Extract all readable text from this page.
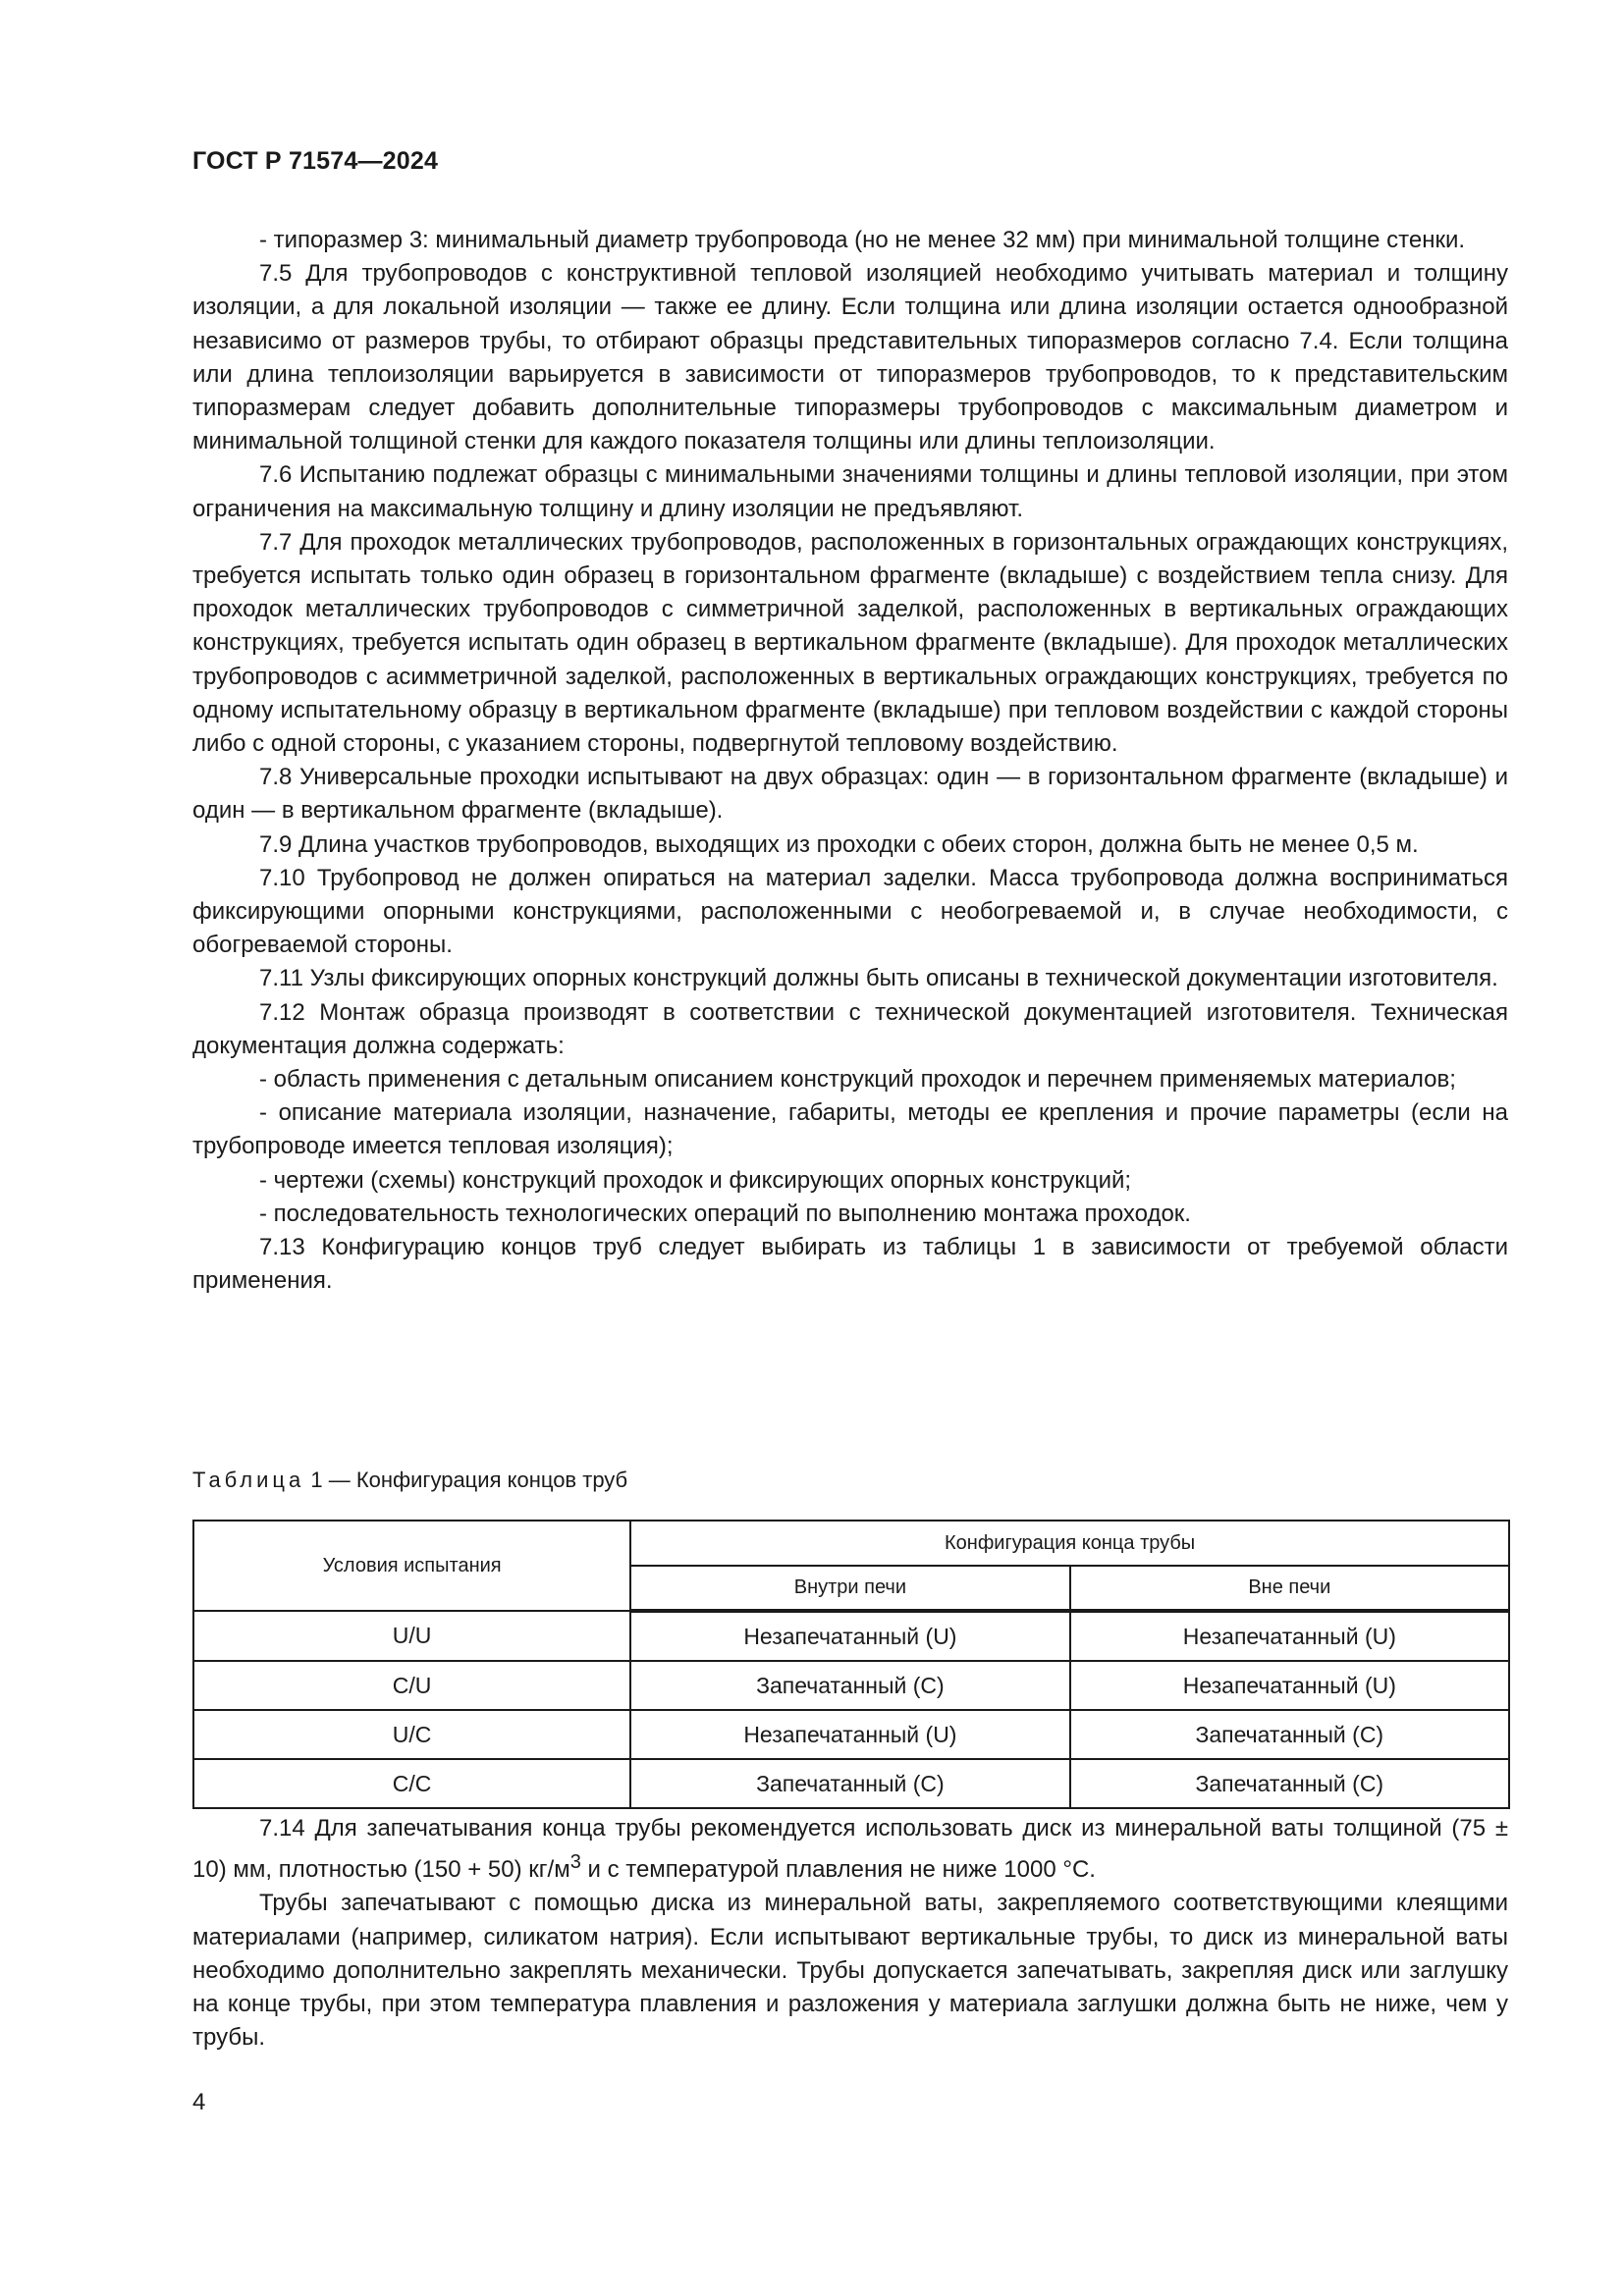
ГОСТ Р 71574—2024

- типоразмер 3: минимальный диаметр трубопровода (но не менее 32 мм) при минимальной толщине стенки.

7.5 Для трубопроводов с конструктивной тепловой изоляцией необходимо учитывать материал и толщину изоляции, а для локальной изоляции — также ее длину. Если толщина или длина изоляции остается однообразной независимо от размеров трубы, то отбирают образцы представительных типоразмеров согласно 7.4. Если толщина или длина теплоизоляции варьируется в зависимости от типоразмеров трубопроводов, то к представительским типоразмерам следует добавить дополнительные типоразмеры трубопроводов с максимальным диаметром и минимальной толщиной стенки для каждого показателя толщины или длины теплоизоляции.

7.6 Испытанию подлежат образцы с минимальными значениями толщины и длины тепловой изоляции, при этом ограничения на максимальную толщину и длину изоляции не предъявляют.

7.7 Для проходок металлических трубопроводов, расположенных в горизонтальных ограждающих конструкциях, требуется испытать только один образец в горизонтальном фрагменте (вкладыше) с воздействием тепла снизу. Для проходок металлических трубопроводов с симметричной заделкой, расположенных в вертикальных ограждающих конструкциях, требуется испытать один образец в вертикальном фрагменте (вкладыше). Для проходок металлических трубопроводов с асимметричной заделкой, расположенных в вертикальных ограждающих конструкциях, требуется по одному испытательному образцу в вертикальном фрагменте (вкладыше) при тепловом воздействии с каждой стороны либо с одной стороны, с указанием стороны, подвергнутой тепловому воздействию.

7.8 Универсальные проходки испытывают на двух образцах: один — в горизонтальном фрагменте (вкладыше) и один — в вертикальном фрагменте (вкладыше).

7.9 Длина участков трубопроводов, выходящих из проходки с обеих сторон, должна быть не менее 0,5 м.

7.10 Трубопровод не должен опираться на материал заделки. Масса трубопровода должна восприниматься фиксирующими опорными конструкциями, расположенными с необогреваемой и, в случае необходимости, с обогреваемой стороны.

7.11 Узлы фиксирующих опорных конструкций должны быть описаны в технической документации изготовителя.

7.12 Монтаж образца производят в соответствии с технической документацией изготовителя. Техническая документация должна содержать:

- область применения с детальным описанием конструкций проходок и перечнем применяемых материалов;

- описание материала изоляции, назначение, габариты, методы ее крепления и прочие параметры (если на трубопроводе имеется тепловая изоляция);

- чертежи (схемы) конструкций проходок и фиксирующих опорных конструкций;

- последовательность технологических операций по выполнению монтажа проходок.

7.13 Конфигурацию концов труб следует выбирать из таблицы 1 в зависимости от требуемой области применения.

Таблица 1 — Конфигурация концов труб
Условия испытания	Конфигурация конца трубы	
	Внутри печи	Вне печи
U/U	Незапечатанный (U)	Незапечатанный (U)
C/U	Запечатанный (C)	Незапечатанный (U)
U/C	Незапечатанный (U)	Запечатанный (C)
C/C	Запечатанный (C)	Запечатанный (C)

7.14 Для запечатывания конца трубы рекомендуется использовать диск из минеральной ваты толщиной (75 ± 10) мм, плотностью (150 + 50) $кг/м^3$ и с температурой плавления не ниже 1000 °C.

Трубы запечатывают с помощью диска из минеральной ваты, закрепляемого соответствующими клеящими материалами (например, силикатом натрия). Если испытывают вертикальные трубы, то диск из минеральной ваты необходимо дополнительно закреплять механически. Трубы допускается запечатывать, закрепляя диск или заглушку на конце трубы, при этом температура плавления и разложения у материала заглушки должна быть не ниже, чем у трубы.

4
